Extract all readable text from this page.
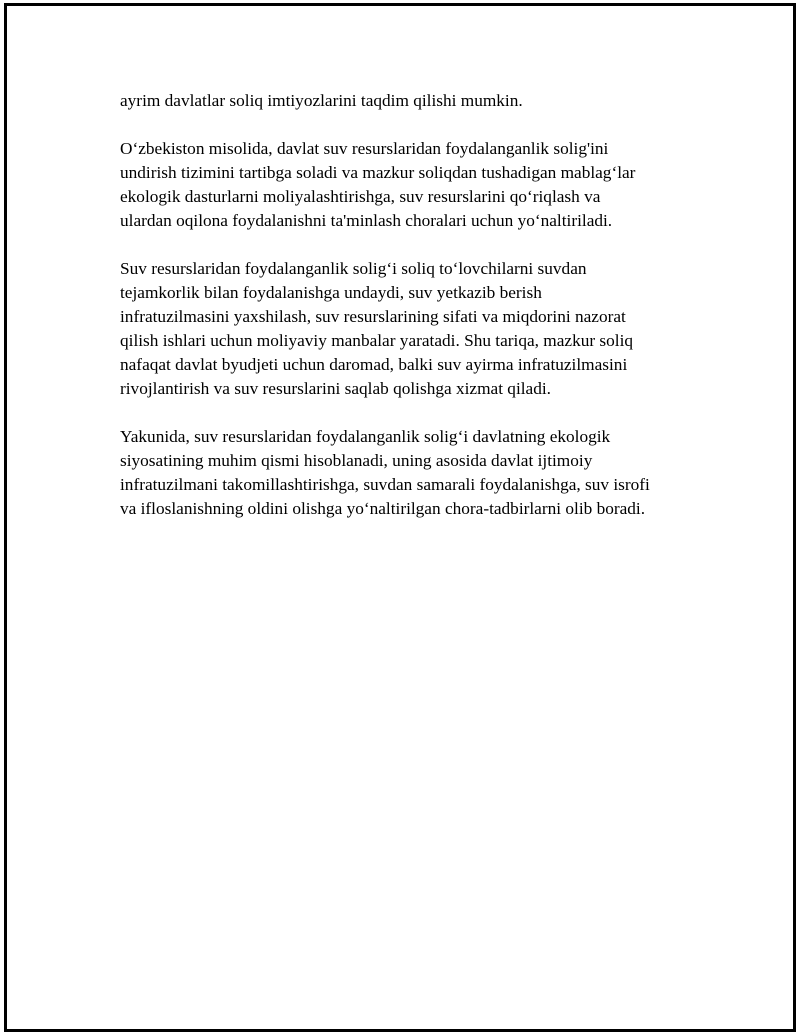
ayrim davlatlar soliq imtiyozlarini taqdim qilishi mumkin.

O‘zbekiston misolida, davlat suv resurslaridan foydalanganlik solig'ini
undirish tizimini tartibga soladi va mazkur soliqdan tushadigan mablag‘lar
ekologik dasturlarni moliyalashtirishga, suv resurslarini qo‘riqlash va
ulardan oqilona foydalanishni ta'minlash choralari uchun yo‘naltiriladi.

Suv resurslaridan foydalanganlik solig‘i soliq to‘lovchilarni suvdan
tejamkorlik bilan foydalanishga undaydi, suv yetkazib berish
infratuzilmasini yaxshilash, suv resurslarining sifati va miqdorini nazorat
qilish ishlari uchun moliyaviy manbalar yaratadi. Shu tariqa, mazkur soliq
nafaqat davlat byudjeti uchun daromad, balki suv ayirma infratuzilmasini
rivojlantirish va suv resurslarini saqlab qolishga xizmat qiladi.

Yakunida, suv resurslaridan foydalanganlik solig‘i davlatning ekologik
siyosatining muhim qismi hisoblanadi, uning asosida davlat ijtimoiy
infratuzilmani takomillashtirishga, suvdan samarali foydalanishga, suv isrofi
va ifloslanishning oldini olishga yo‘naltirilgan chora-tadbirlarni olib boradi.
